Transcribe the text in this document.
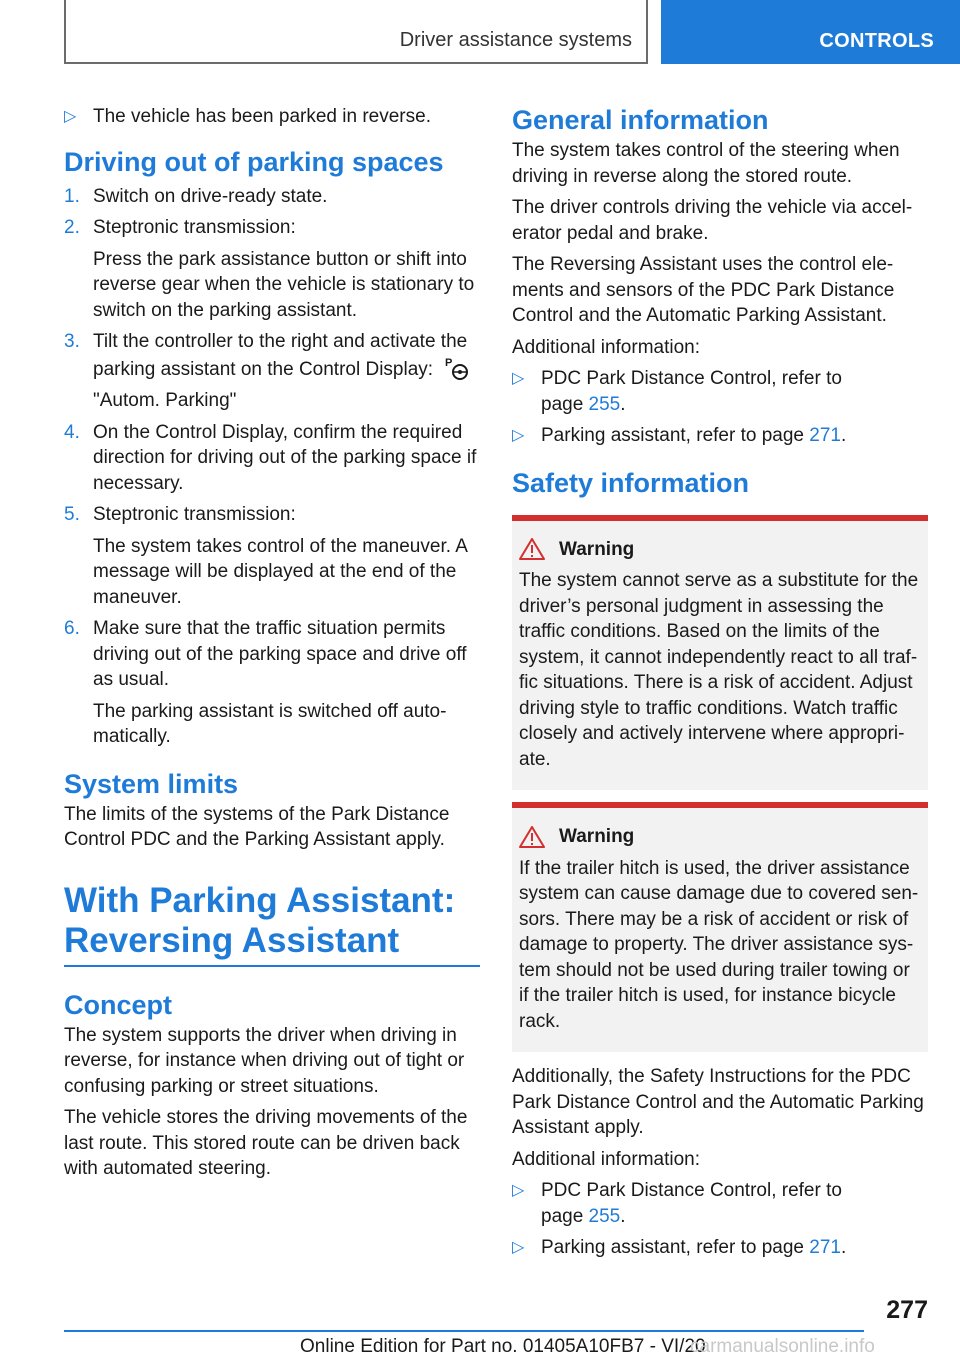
Driver assistance systems	CONTROLS
▷ The vehicle has been parked in reverse.
Driving out of parking spaces
1. Switch on drive-ready state.

2. Steptronic transmission:

Press the park assistance button or shift into reverse gear when the vehicle is stationary to switch on the parking assistant.

3. Tilt the controller to the right and activate the parking assistant on the Control Display: P

"Autom. Parking"

4. On the Control Display, confirm the required direction for driving out of the parking space if necessary.

5. Steptronic transmission:

The system takes control of the maneuver. A message will be displayed at the end of the maneuver.

6. Make sure that the traffic situation permits driving out of the parking space and drive off as usual.

The parking assistant is switched off auto-matically.

System limits

The limits of the systems of the Park Distance Control PDC and the Parking Assistant apply.

With Parking Assistant:
Reversing Assistant
Concept

The system supports the driver when driving in reverse, for instance when driving out of tight or confusing parking or street situations.

The vehicle stores the driving movements of the last route. This stored route can be driven back with automated steering.

General information

The system takes control of the steering when driving in reverse along the stored route.

The driver controls driving the vehicle via accel-erator pedal and brake.

The Reversing Assistant uses the control ele-ments and sensors of the PDC Park Distance Control and the Automatic Parking Assistant.

Additional information:

▷ PDC Park Distance Control, refer to
page 255.
▷ Parking assistant, refer to page 271.
Safety information
Warning
The system cannot serve as a substitute for the driver’s personal judgment in assessing the traffic conditions. Based on the limits of the system, it cannot independently react to all traf-fic situations. There is a risk of accident. Adjust driving style to traffic conditions. Watch traffic closely and actively intervene where appropri-ate.
Warning
If the trailer hitch is used, the driver assistance system can cause damage due to covered sen-sors. There may be a risk of accident or risk of damage to property. The driver assistance sys-tem should not be used during trailer towing or if the trailer hitch is used, for instance bicycle rack.

Additionally, the Safety Instructions for the PDC Park Distance Control and the Automatic Parking Assistant apply.

Additional information:

▷ PDC Park Distance Control, refer to
page 255.
▷ Parking assistant, refer to page 271.
277
Online Edition for Part no. 01405A10FB7 - VI/20
carmanualsonline.info
